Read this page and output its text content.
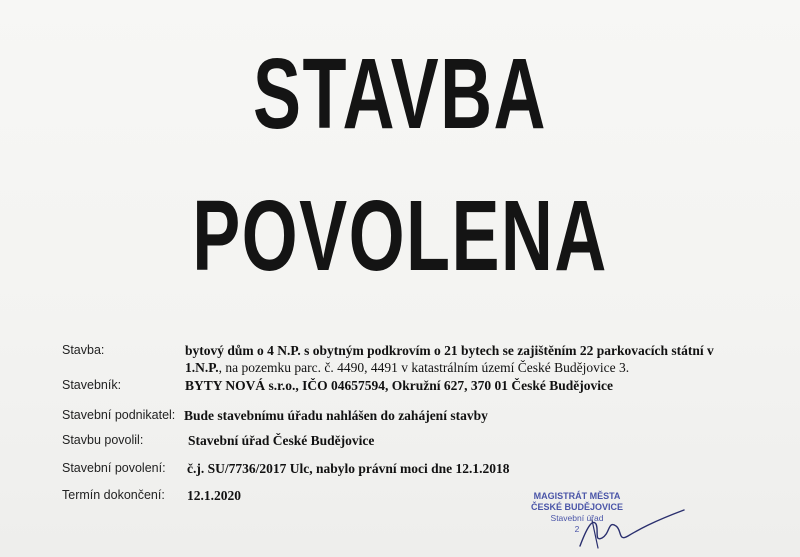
STAVBA
POVOLENA
Stavba:	bytový dům o 4 N.P. s obytným podkrovím o 21 bytech se zajištěním 22 parkovacích státní v
1.N.P., na pozemku parc. č. 4490, 4491 v katastrálním území České Budějovice 3.
Stavebník:	BYTY NOVÁ s.r.o., IČO 04657594, Okružní 627, 370 01 České Budějovice
Stavební podnikatel: Bude stavebnímu úřadu nahlášen do zahájení stavby
Stavbu povolil:	Stavební úřad České Budějovice
Stavební povolení: č.j. SU/7736/2017 Ulc, nabylo právní moci dne 12.1.2018
Termín dokončení: 12.1.2020	MAGISTRÁT MĚSTA
ČESKÉ BUDĚJOVICE
Stavební úřad
2
